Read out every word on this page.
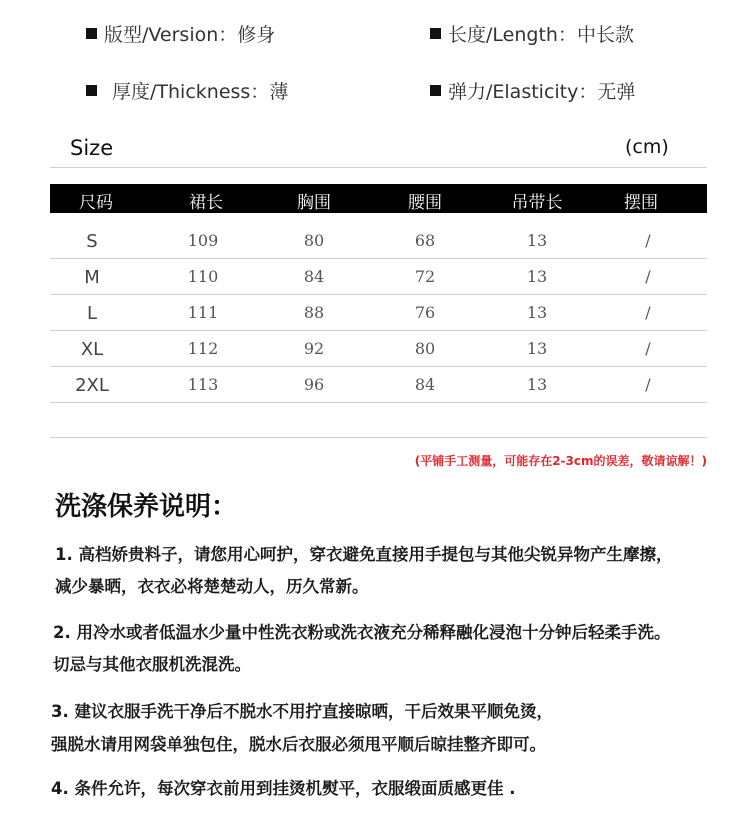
版型/Version： 修身	长度/Length： 中长款
厚度/Thickness： 薄	弹力/Elasticity： 无弹
Size	(cm)
尺码	裙长	胸围	腰围	吊带长	摆围
S	109	80	68	13	/
M	110	84	72	13	/
L	111	88	76	13	/
XL	112	92	80	13	/
2XL	113	96	84	13	/
(平铺手工测量，可能存在2-3cm的误差，敬请谅解！)
洗涤保养说明：
1. 高档娇贵料子，请您用心呵护，穿衣避免直接用手提包与其他尖锐异物产生摩擦，
减少暴晒，衣衣必将楚楚动人，历久常新。
2. 用冷水或者低温水少量中性洗衣粉或洗衣液充分稀释融化浸泡十分钟后轻柔手洗。
切忌与其他衣服机洗混洗。
3. 建议衣服手洗干净后不脱水不用拧直接晾晒，干后效果平顺免烫，
强脱水请用网袋单独包住，脱水后衣服必须甩平顺后晾挂整齐即可。
4. 条件允许，每次穿衣前用到挂烫机熨平，衣服缎面质感更佳 .
